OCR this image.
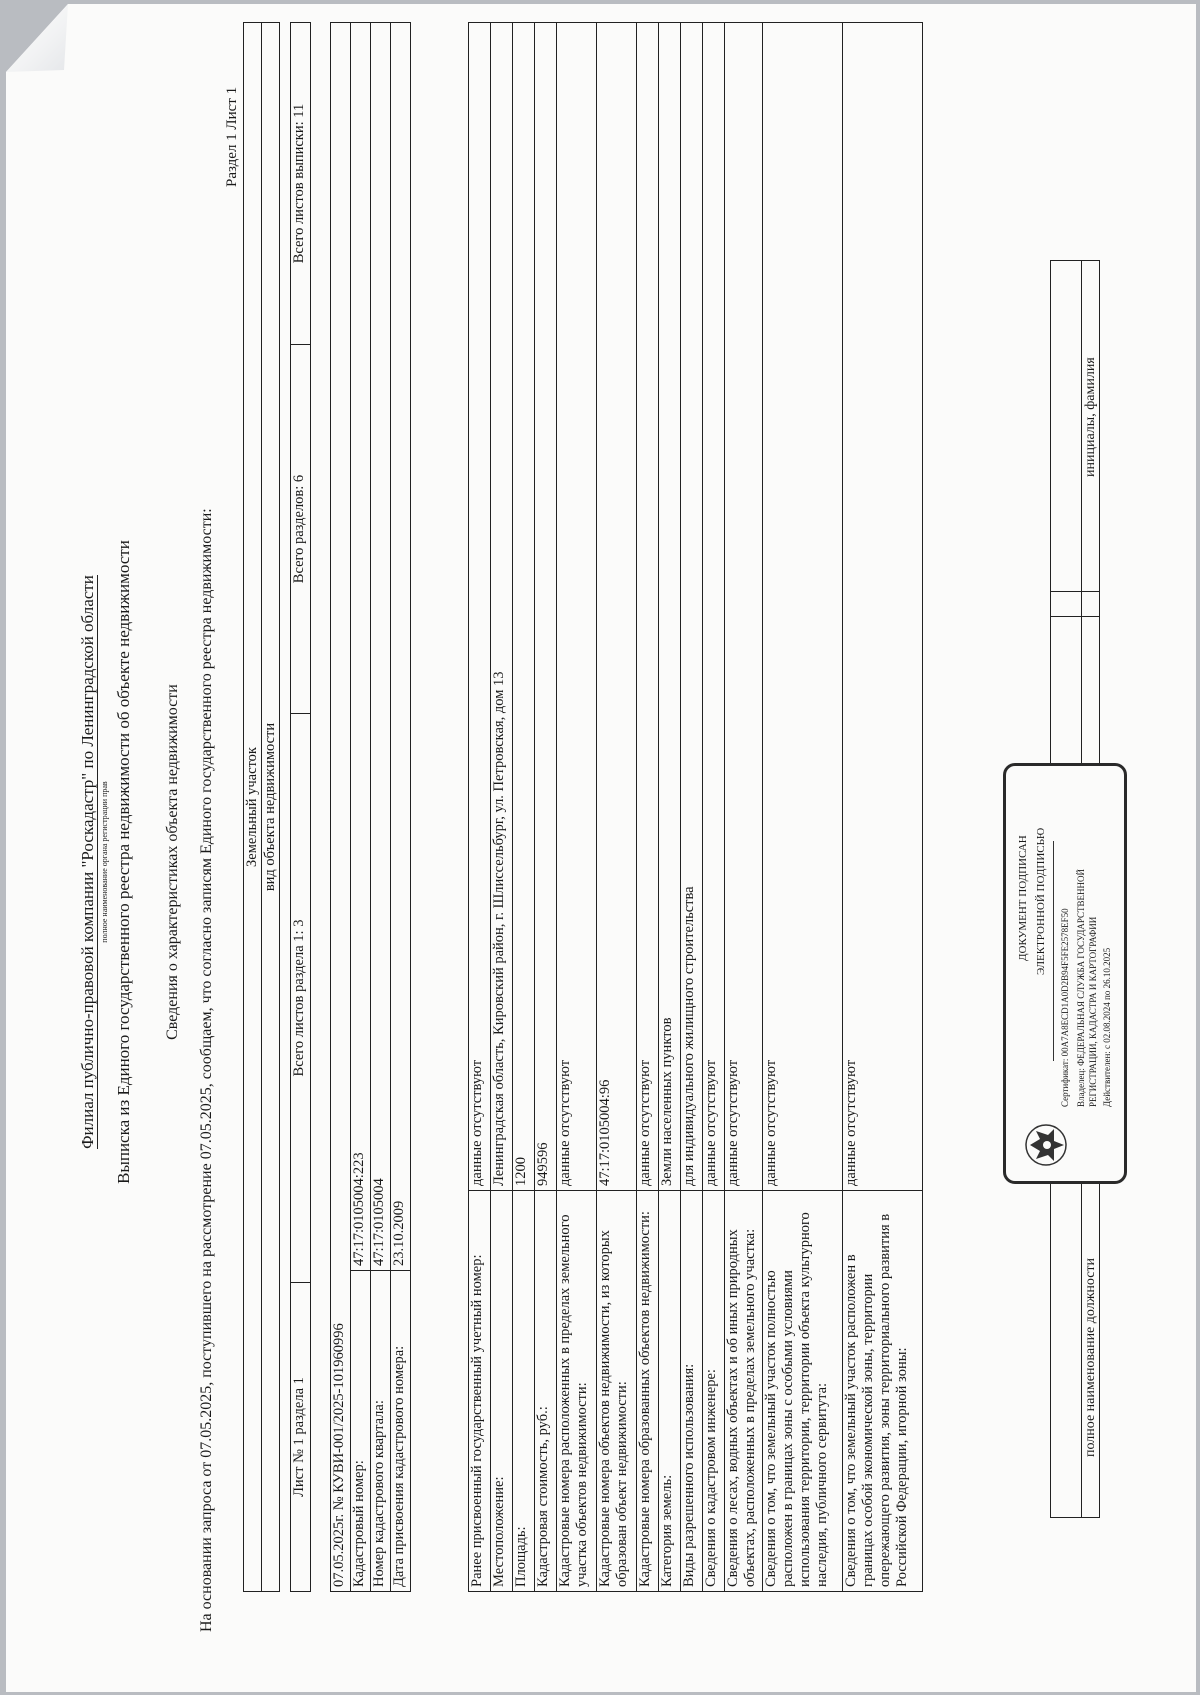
Филиал публично-правовой компании "Роскадастр" по Ленинградской области полное наименование органа регистрации прав Выписка из Единого государственного реестра недвижимости об объекте недвижимости Сведения о характеристиках объекта недвижимости На основании запроса от 07.05.2025, поступившего на рассмотрение 07.05.2025, сообщаем, что согласно записям Единого государственного реестра недвижимости:
Раздел 1 Лист 1
Земельный участок
вид объекта недвижимости
Лист № 1 раздела 1	Всего листов раздела 1: 3	Всего разделов: 6	Всего листов выписки: 11
07.05.2025г. № КУВИ-001/2025-101960996	
Кадастровый номер:	47:17:0105004:223
Номер кадастрового квартала:	47:17:0105004
Дата присвоения кадастрового номера:	23.10.2009
Ранее присвоенный государственный учетный номер:	данные отсутствуют
Местоположение:	Ленинградская область, Кировский район, г. Шлиссельбург, ул. Петровская, дом 13
Площадь:	1200
Кадастровая стоимость, руб.:	949596
Кадастровые номера расположенных в пределах земельного участка объектов недвижимости:	данные отсутствуют
Кадастровые номера объектов недвижимости, из которых образован объект недвижимости:	47:17:0105004:96
Кадастровые номера образованных объектов недвижимости:	данные отсутствуют
Категория земель:	Земли населенных пунктов
Виды разрешенного использования:	для индивидуального жилищного строительства
Сведения о кадастровом инженере:	данные отсутствуют
Сведения о лесах, водных объектах и об иных природных объектах, расположенных в пределах земельного участка:	данные отсутствуют
Сведения о том, что земельный участок полностью расположен в границах зоны с особыми условиями использования территории, территории объекта культурного наследия, публичного сервитута:	данные отсутствуют
Сведения о том, что земельный участок расположен в границах особой экономической зоны, территории опережающего развития, зоны территориального развития в Российской Федерации, игорной зоны:	данные отсутствуют
полное наименование должности
инициалы, фамилия
ДОКУМЕНТ ПОДПИСАН ЭЛЕКТРОННОЙ ПОДПИСЬЮ
Сертификат: 00A7A8ECD1A0D2B94F5FE2578EF50 Владелец: ФЕДЕРАЛЬНАЯ СЛУЖБА ГОСУДАРСТВЕННОЙ РЕГИСТРАЦИИ, КАДАСТРА И КАРТОГРАФИИ Действителен: с 02.08.2024 по 26.10.2025
